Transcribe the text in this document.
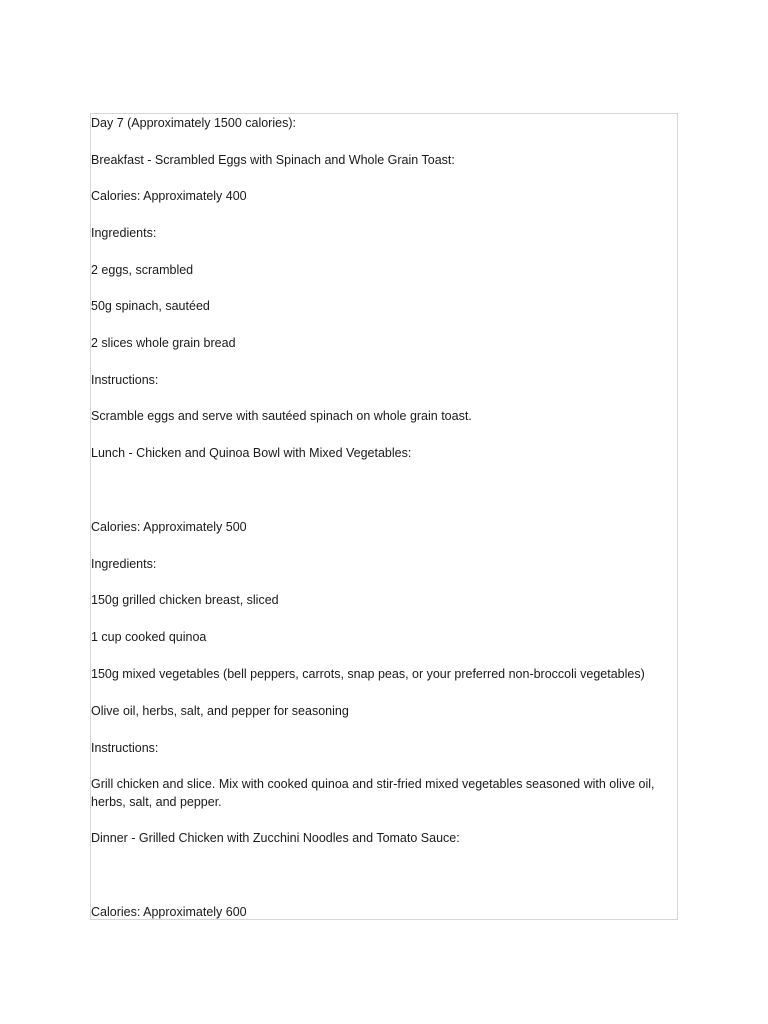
Day 7 (Approximately 1500 calories):
Breakfast - Scrambled Eggs with Spinach and Whole Grain Toast:
Calories: Approximately 400
Ingredients:
2 eggs, scrambled
50g spinach, sautéed
2 slices whole grain bread
Instructions:
Scramble eggs and serve with sautéed spinach on whole grain toast.
Lunch - Chicken and Quinoa Bowl with Mixed Vegetables:
Calories: Approximately 500
Ingredients:
150g grilled chicken breast, sliced
1 cup cooked quinoa
150g mixed vegetables (bell peppers, carrots, snap peas, or your preferred non-broccoli vegetables)
Olive oil, herbs, salt, and pepper for seasoning
Instructions:
Grill chicken and slice. Mix with cooked quinoa and stir-fried mixed vegetables seasoned with olive oil, herbs, salt, and pepper.
Dinner - Grilled Chicken with Zucchini Noodles and Tomato Sauce:
Calories: Approximately 600
